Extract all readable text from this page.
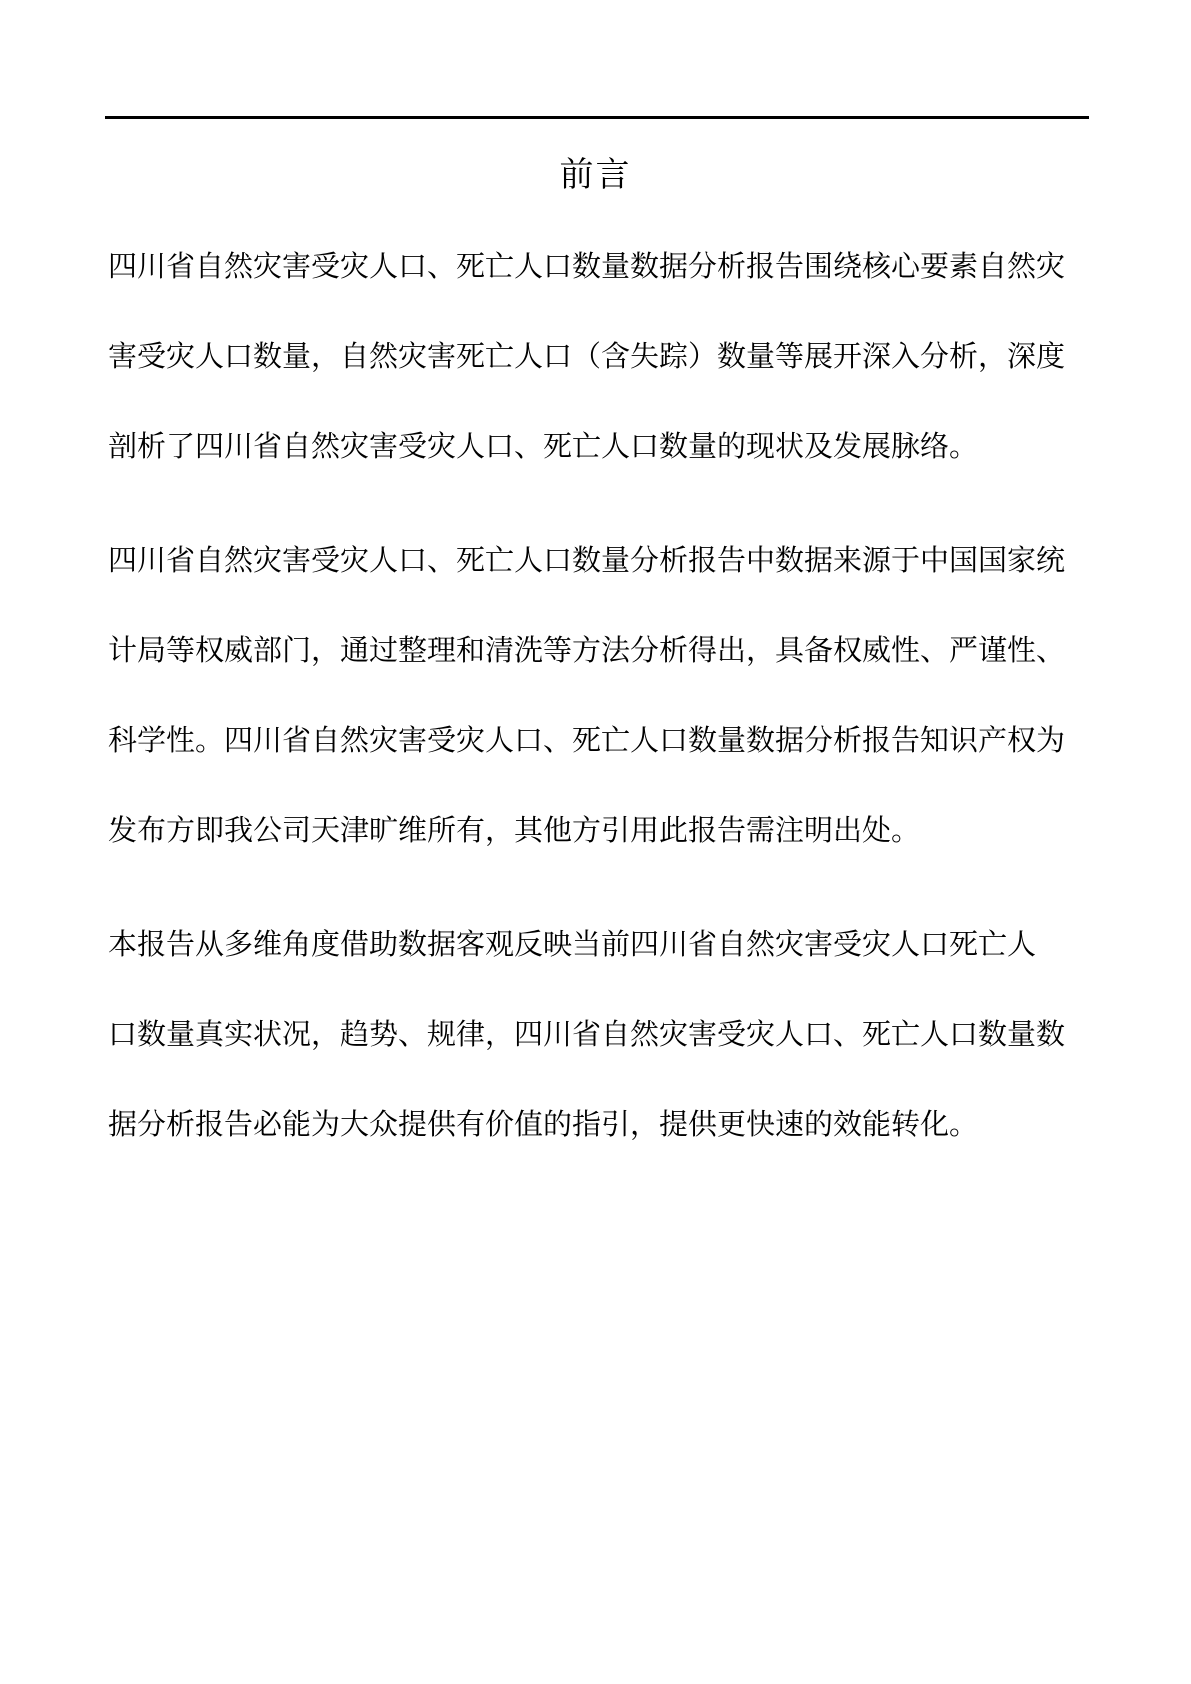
前言
四川省自然灾害受灾人口、死亡人口数量数据分析报告围绕核心要素自然灾
害受灾人口数量，自然灾害死亡人口（含失踪）数量等展开深入分析，深度
剖析了四川省自然灾害受灾人口、死亡人口数量的现状及发展脉络。
四川省自然灾害受灾人口、死亡人口数量分析报告中数据来源于中国国家统
计局等权威部门，通过整理和清洗等方法分析得出，具备权威性、严谨性、
科学性。四川省自然灾害受灾人口、死亡人口数量数据分析报告知识产权为
发布方即我公司天津旷维所有，其他方引用此报告需注明出处。
本报告从多维角度借助数据客观反映当前四川省自然灾害受灾人口死亡人
口数量真实状况，趋势、规律，四川省自然灾害受灾人口、死亡人口数量数
据分析报告必能为大众提供有价值的指引，提供更快速的效能转化。
